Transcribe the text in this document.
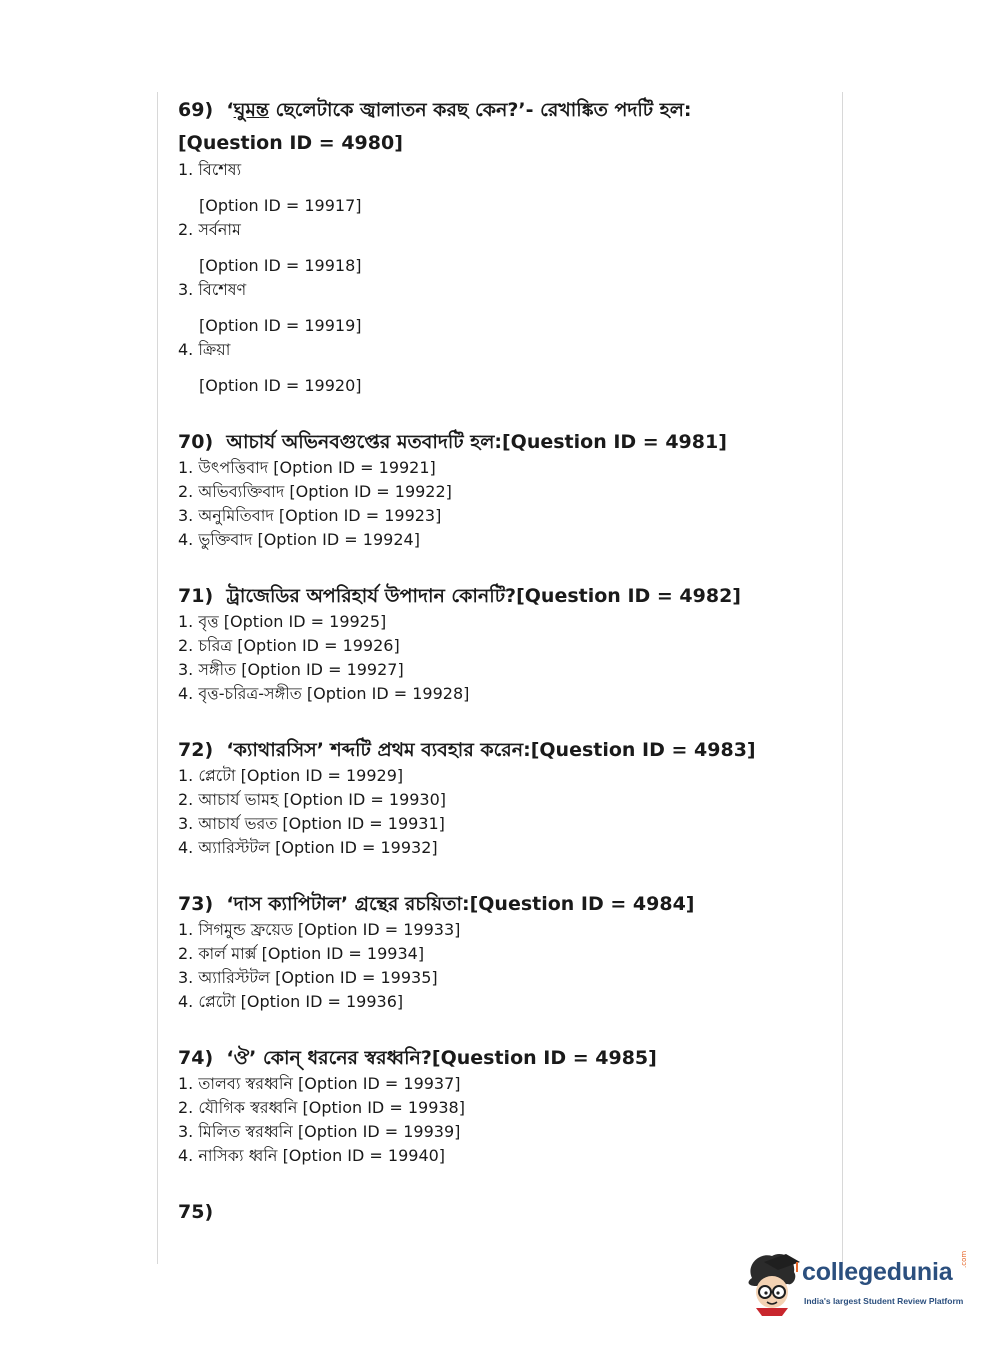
69) ‘ঘুমন্ত ছেলেটাকে জ্বালাতন করছ কেন?’- রেখাঙ্কিত পদটি হল:

[Question ID = 4980]

1. বিশেষ্য

[Option ID = 19917]

2. সর্বনাম

[Option ID = 19918]

3. বিশেষণ

[Option ID = 19919]

4. ক্রিয়া

[Option ID = 19920]

70) আচার্য অভিনবগুপ্তের মতবাদটি হল:[Question ID = 4981]

1. উৎপত্তিবাদ [Option ID = 19921]

2. অভিব্যক্তিবাদ [Option ID = 19922]

3. অনুমিতিবাদ [Option ID = 19923]

4. ভুক্তিবাদ [Option ID = 19924]

71) ট্রাজেডির অপরিহার্য উপাদান কোনটি?[Question ID = 4982]

1. বৃত্ত [Option ID = 19925]

2. চরিত্র [Option ID = 19926]

3. সঙ্গীত [Option ID = 19927]

4. বৃত্ত-চরিত্র-সঙ্গীত [Option ID = 19928]

72) ‘ক্যাথারসিস’ শব্দটি প্রথম ব্যবহার করেন:[Question ID = 4983]

1. প্লেটো [Option ID = 19929]

2. আচার্য ভামহ [Option ID = 19930]

3. আচার্য ভরত [Option ID = 19931]

4. অ্যারিস্টটল [Option ID = 19932]

73) ‘দাস ক্যাপিটাল’ গ্রন্থের রচয়িতা:[Question ID = 4984]

1. সিগমুন্ড ফ্রয়েড [Option ID = 19933]

2. কার্ল মার্ক্স [Option ID = 19934]

3. অ্যারিস্টটল [Option ID = 19935]

4. প্লেটো [Option ID = 19936]

74) ‘ঔ’ কোন্ ধরনের স্বরধ্বনি?[Question ID = 4985]

1. তালব্য স্বরধ্বনি [Option ID = 19937]

2. যৌগিক স্বরধ্বনি [Option ID = 19938]

3. মিলিত স্বরধ্বনি [Option ID = 19939]

4. নাসিক্য ধ্বনি [Option ID = 19940]

75)

collegedunia .com
India's largest Student Review Platform
